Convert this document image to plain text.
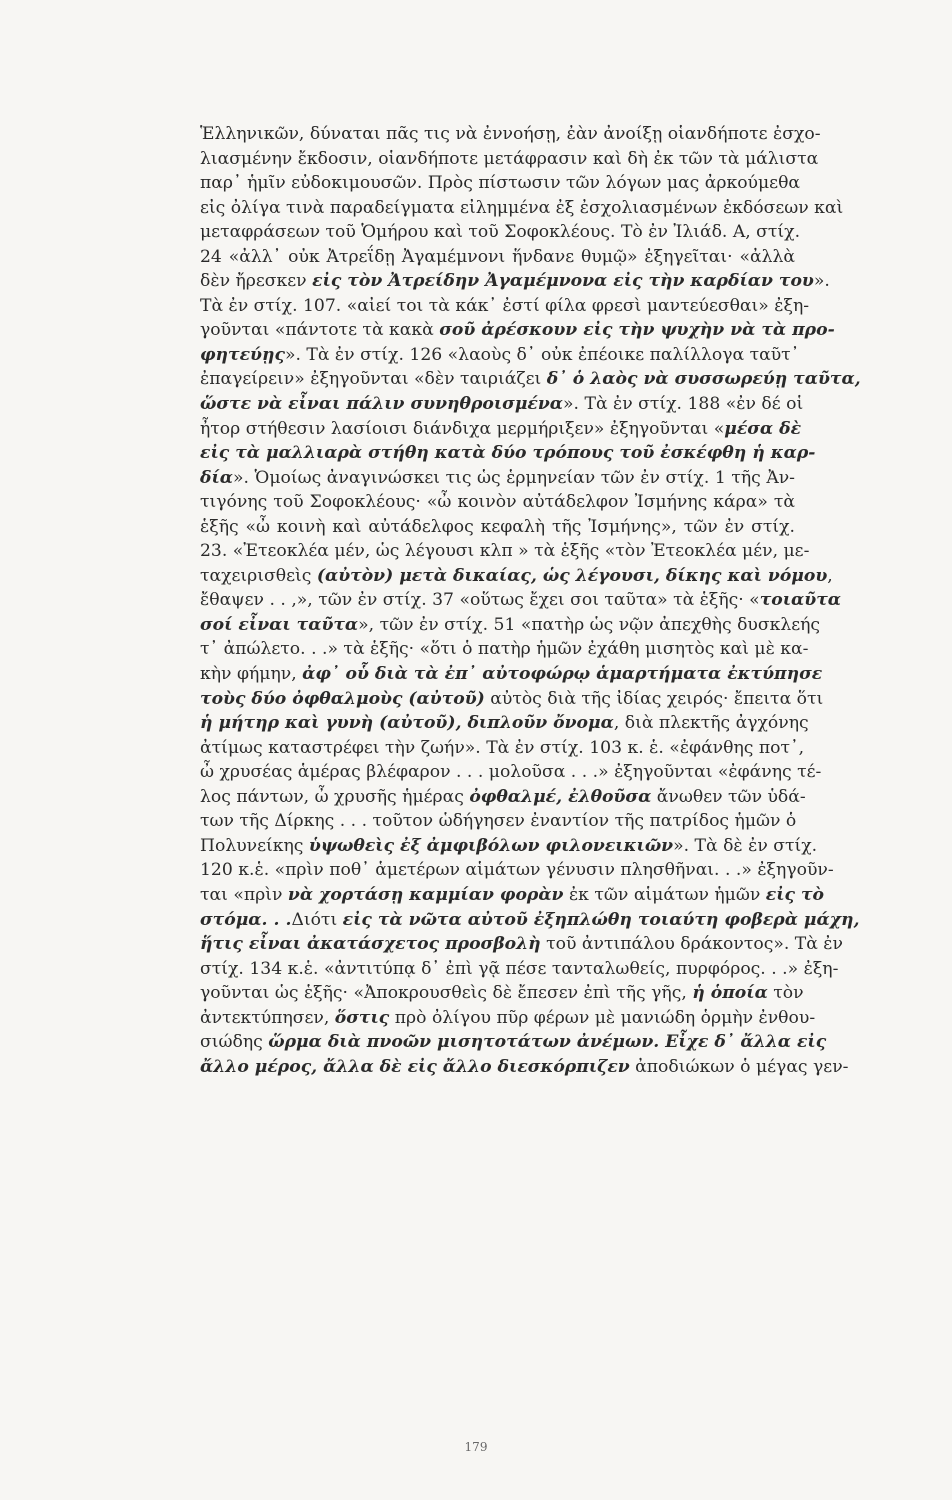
Ἑλληνικῶν, δύναται πᾶς τις νὰ ἐννοήσῃ, ἐὰν ἀνοίξῃ οἱανδήποτε ἐσχο-
λιασμένην ἔκδοσιν, οἱανδήποτε μετάφρασιν καὶ δὴ ἐκ τῶν τὰ μάλιστα
παρ᾽ ἡμῖν εὐδοκιμουσῶν. Πρὸς πίστωσιν τῶν λόγων μας ἀρκούμεθα
εἰς ὀλίγα τινὰ παραδείγματα εἰλημμένα ἐξ ἐσχολιασμένων ἐκδόσεων καὶ
μεταφράσεων τοῦ Ὁμήρου καὶ τοῦ Σοφοκλέους. Τὸ ἐν Ἰλιάδ. Α, στίχ.
24 «ἀλλ᾽ οὐκ Ἀτρεΐδῃ Ἀγαμέμνονι ἥνδανε θυμῷ» ἐξηγεῖται· «ἀλλὰ
δὲν ἤρεσκεν εἰς τὸν Ἀτρείδην Ἀγαμέμνονα εἰς τὴν καρδίαν του».
Τὰ ἐν στίχ. 107. «αἰεί τοι τὰ κάκ᾽ ἐστί φίλα φρεσὶ μαντεύεσθαι» ἐξη-
γοῦνται «πάντοτε τὰ κακὰ σοῦ ἀρέσκουν εἰς τὴν ψυχὴν νὰ τὰ προ-
φητεύῃς». Τὰ ἐν στίχ. 126 «λαοὺς δ᾽ οὐκ ἐπέοικε παλίλλογα ταῦτ᾽
ἐπαγείρειν» ἐξηγοῦνται «δὲν ταιριάζει δ᾽ ὁ λαὸς νὰ συσσωρεύῃ ταῦτα,
ὥστε νὰ εἶναι πάλιν συνηθροισμένα». Τὰ ἐν στίχ. 188 «ἐν δέ οἱ
ἦτορ στήθεσιν λασίοισι διάνδιχα μερμήριξεν» ἐξηγοῦνται «μέσα δὲ
εἰς τὰ μαλλιαρὰ στήθη κατὰ δύο τρόπους τοῦ ἐσκέφθη ἡ καρ-
δία». Ὁμοίως ἀναγινώσκει τις ὡς ἑρμηνείαν τῶν ἐν στίχ. 1 τῆς Ἀν-
τιγόνης τοῦ Σοφοκλέους· «ὦ κοινὸν αὐτάδελφον Ἰσμήνης κάρα» τὰ
ἑξῆς «ὦ κοινὴ καὶ αὐτάδελφος κεφαλὴ τῆς Ἰσμήνης», τῶν ἐν στίχ.
23. «Ἐτεοκλέα μέν, ὡς λέγουσι κλπ » τὰ ἑξῆς «τὸν Ἐτεοκλέα μέν, με-
ταχειρισθεὶς (αὐτὸν) μετὰ δικαίας, ὡς λέγουσι, δίκης καὶ νόμου,
ἔθαψεν . . ,», τῶν ἐν στίχ. 37 «οὕτως ἔχει σοι ταῦτα» τὰ ἑξῆς· «τοιαῦτα
σοί εἶναι ταῦτα», τῶν ἐν στίχ. 51 «πατὴρ ὡς νῷν ἀπεχθὴς δυσκλεής
τ᾽ ἀπώλετο. . .» τὰ ἑξῆς· «ὅτι ὁ πατὴρ ἡμῶν ἐχάθη μισητὸς καὶ μὲ κα-
κὴν φήμην, ἀφ᾽ οὗ διὰ τὰ ἐπ᾽ αὐτοφώρῳ ἁμαρτήματα ἐκτύπησε
τοὺς δύο ὀφθαλμοὺς (αὐτοῦ) αὐτὸς διὰ τῆς ἰδίας χειρός· ἔπειτα ὅτι
ἡ μήτηρ καὶ γυνὴ (αὐτοῦ), διπλοῦν ὄνομα, διὰ πλεκτῆς ἀγχόνης
ἀτίμως καταστρέφει τὴν ζωήν». Τὰ ἐν στίχ. 103 κ. ἑ. «ἐφάνθης ποτ᾽,
ὦ χρυσέας ἁμέρας βλέφαρον . . . μολοῦσα . . .» ἐξηγοῦνται «ἐφάνης τέ-
λος πάντων, ὦ χρυσῆς ἡμέρας ὀφθαλμέ, ἐλθοῦσα ἄνωθεν τῶν ὑδά-
των τῆς Δίρκης . . . τοῦτον ὡδήγησεν ἐναντίον τῆς πατρίδος ἡμῶν ὁ
Πολυνείκης ὑψωθεὶς ἐξ ἀμφιβόλων φιλονεικιῶν». Τὰ δὲ ἐν στίχ.
120 κ.ἑ. «πρὶν ποθ᾽ ἁμετέρων αἱμάτων γένυσιν πλησθῆναι. . .» ἐξηγοῦν-
ται «πρὶν νὰ χορτάσῃ καμμίαν φορὰν ἐκ τῶν αἱμάτων ἡμῶν εἰς τὸ
στόμα. . .Διότι εἰς τὰ νῶτα αὐτοῦ ἐξηπλώθη τοιαύτη φοβερὰ μάχη,
ἥτις εἶναι ἀκατάσχετος προσβολὴ τοῦ ἀντιπάλου δράκοντος». Τὰ ἐν
στίχ. 134 κ.ἑ. «ἀντιτύπᾳ δ᾽ ἐπὶ γᾷ πέσε τανταλωθείς, πυρφόρος. . .» ἐξη-
γοῦνται ὡς ἑξῆς· «Ἀποκρουσθεὶς δὲ ἔπεσεν ἐπὶ τῆς γῆς, ἡ ὁποία τὸν
ἀντεκτύπησεν, ὅστις πρὸ ὀλίγου πῦρ φέρων μὲ μανιώδη ὁρμὴν ἐνθου-
σιώδης ὥρμα διὰ πνοῶν μισητοτάτων ἀνέμων. Εἶχε δ᾽ ἄλλα εἰς
ἄλλο μέρος, ἄλλα δὲ εἰς ἄλλο διεσκόρπιζεν ἀποδιώκων ὁ μέγας γεν-
179
